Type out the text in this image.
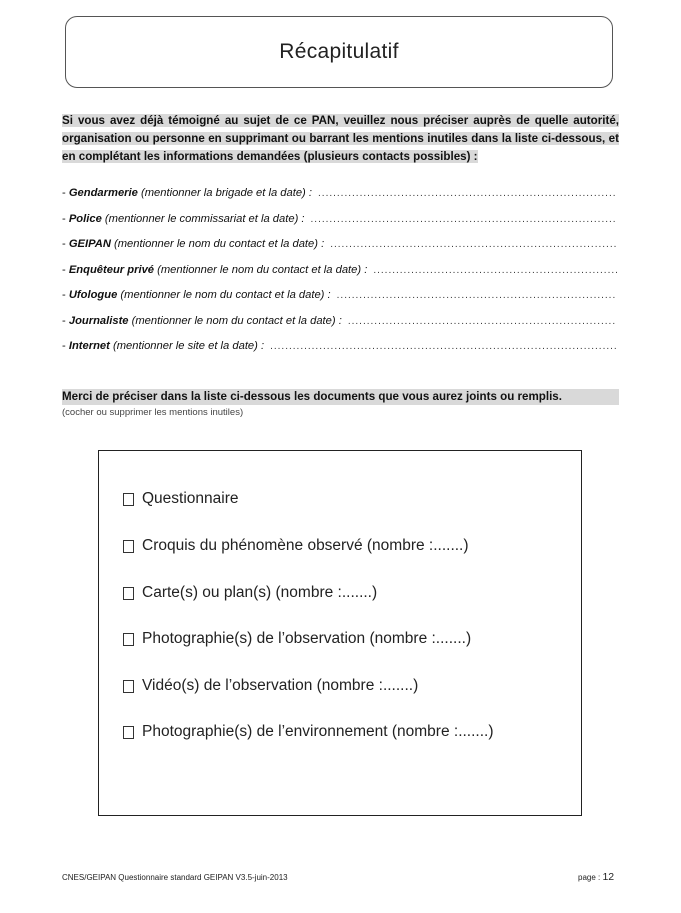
Récapitulatif
Si vous avez déjà témoigné au sujet de ce PAN, veuillez nous préciser auprès de quelle autorité, organisation ou personne en supprimant ou barrant les mentions inutiles dans la liste ci-dessous, et en complétant les informations demandées (plusieurs contacts possibles) :
- Gendarmerie (mentionner la brigade et la date) :
.....
- Police (mentionner le commissariat et la date) :
.....
- GEIPAN (mentionner le nom du contact et la date) :
.....
- Enquêteur privé (mentionner le nom du contact et la date) :
.....
- Ufologue (mentionner le nom du contact et la date) :
.....
- Journaliste (mentionner le nom du contact et la date) :
.....
- Internet (mentionner le site et la date) :
.....
Merci de préciser dans la liste ci-dessous les documents que vous aurez joints ou remplis.
(cocher ou supprimer les mentions inutiles)
Questionnaire
Croquis du phénomène observé (nombre :.......)
Carte(s) ou plan(s) (nombre :.......)
Photographie(s) de l’observation (nombre :.......)
Vidéo(s) de l’observation (nombre :.......)
Photographie(s) de l’environnement (nombre :.......)
CNES/GEIPAN Questionnaire standard GEIPAN V3.5-juin-2013	page : 12
